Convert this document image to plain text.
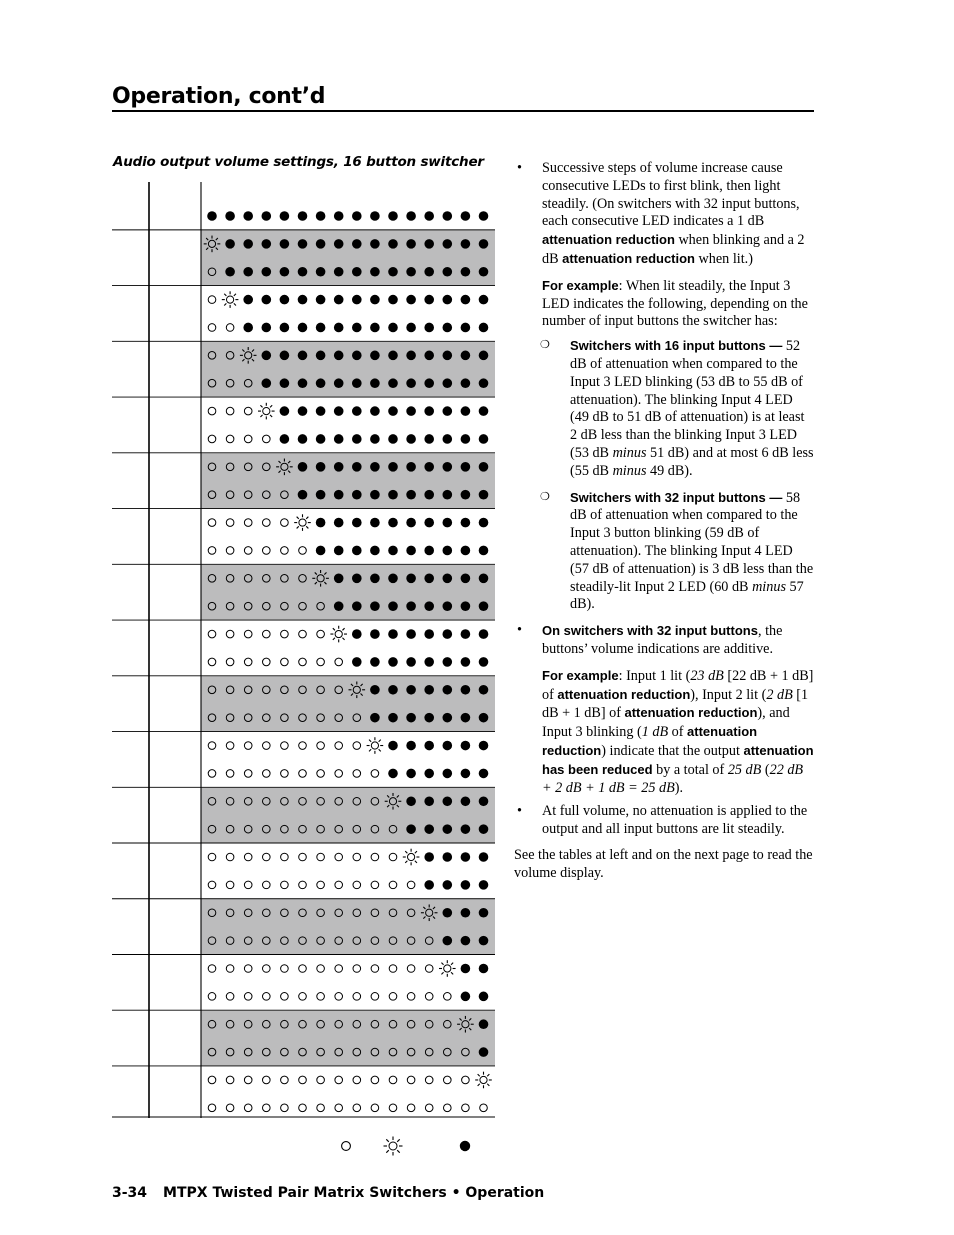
Operation, cont’d
Audio output volume settings, 16 button switcher • Successive steps of volume increase cause consecutive LEDs to first blink, then light steadily. (On switchers with 32 input buttons, each consecutive LED indicates a 1 dB attenuation reduction when blinking and a 2 dB attenuation reduction when lit.)
For example: When lit steadily, the Input 3 LED indicates the following, depending on the number of input buttons the switcher has:
❍ Switchers with 16 input buttons — 52 dB of attenuation when compared to the Input 3 LED blinking (53 dB to 55 dB of attenuation). The blinking Input 4 LED (49 dB to 51 dB of attenuation) is at least 2 dB less than the blinking Input 3 LED (53 dB minus 51 dB) and at most 6 dB less (55 dB minus 49 dB).
❍ Switchers with 32 input buttons — 58 dB of attenuation when compared to the Input 3 button blinking (59 dB of attenuation). The blinking Input 4 LED (57 dB of attenuation) is 3 dB less than the steadily-lit Input 2 LED (60 dB minus 57 dB).
• On switchers with 32 input buttons, the buttons’ volume indications are additive.
For example: Input 1 lit (23 dB [22 dB + 1 dB] of attenuation reduction), Input 2 lit (2 dB [1 dB + 1 dB] of attenuation reduction), and Input 3 blinking (1 dB of attenuation reduction) indicate that the output attenuation has been reduced by a total of 25 dB (22 dB + 2 dB + 1 dB = 25 dB).
• At full volume, no attenuation is applied to the output and all input buttons are lit steadily.

See the tables at left and on the next page to read the volume display.

3-34 MTPX Twisted Pair Matrix Switchers • Operation
